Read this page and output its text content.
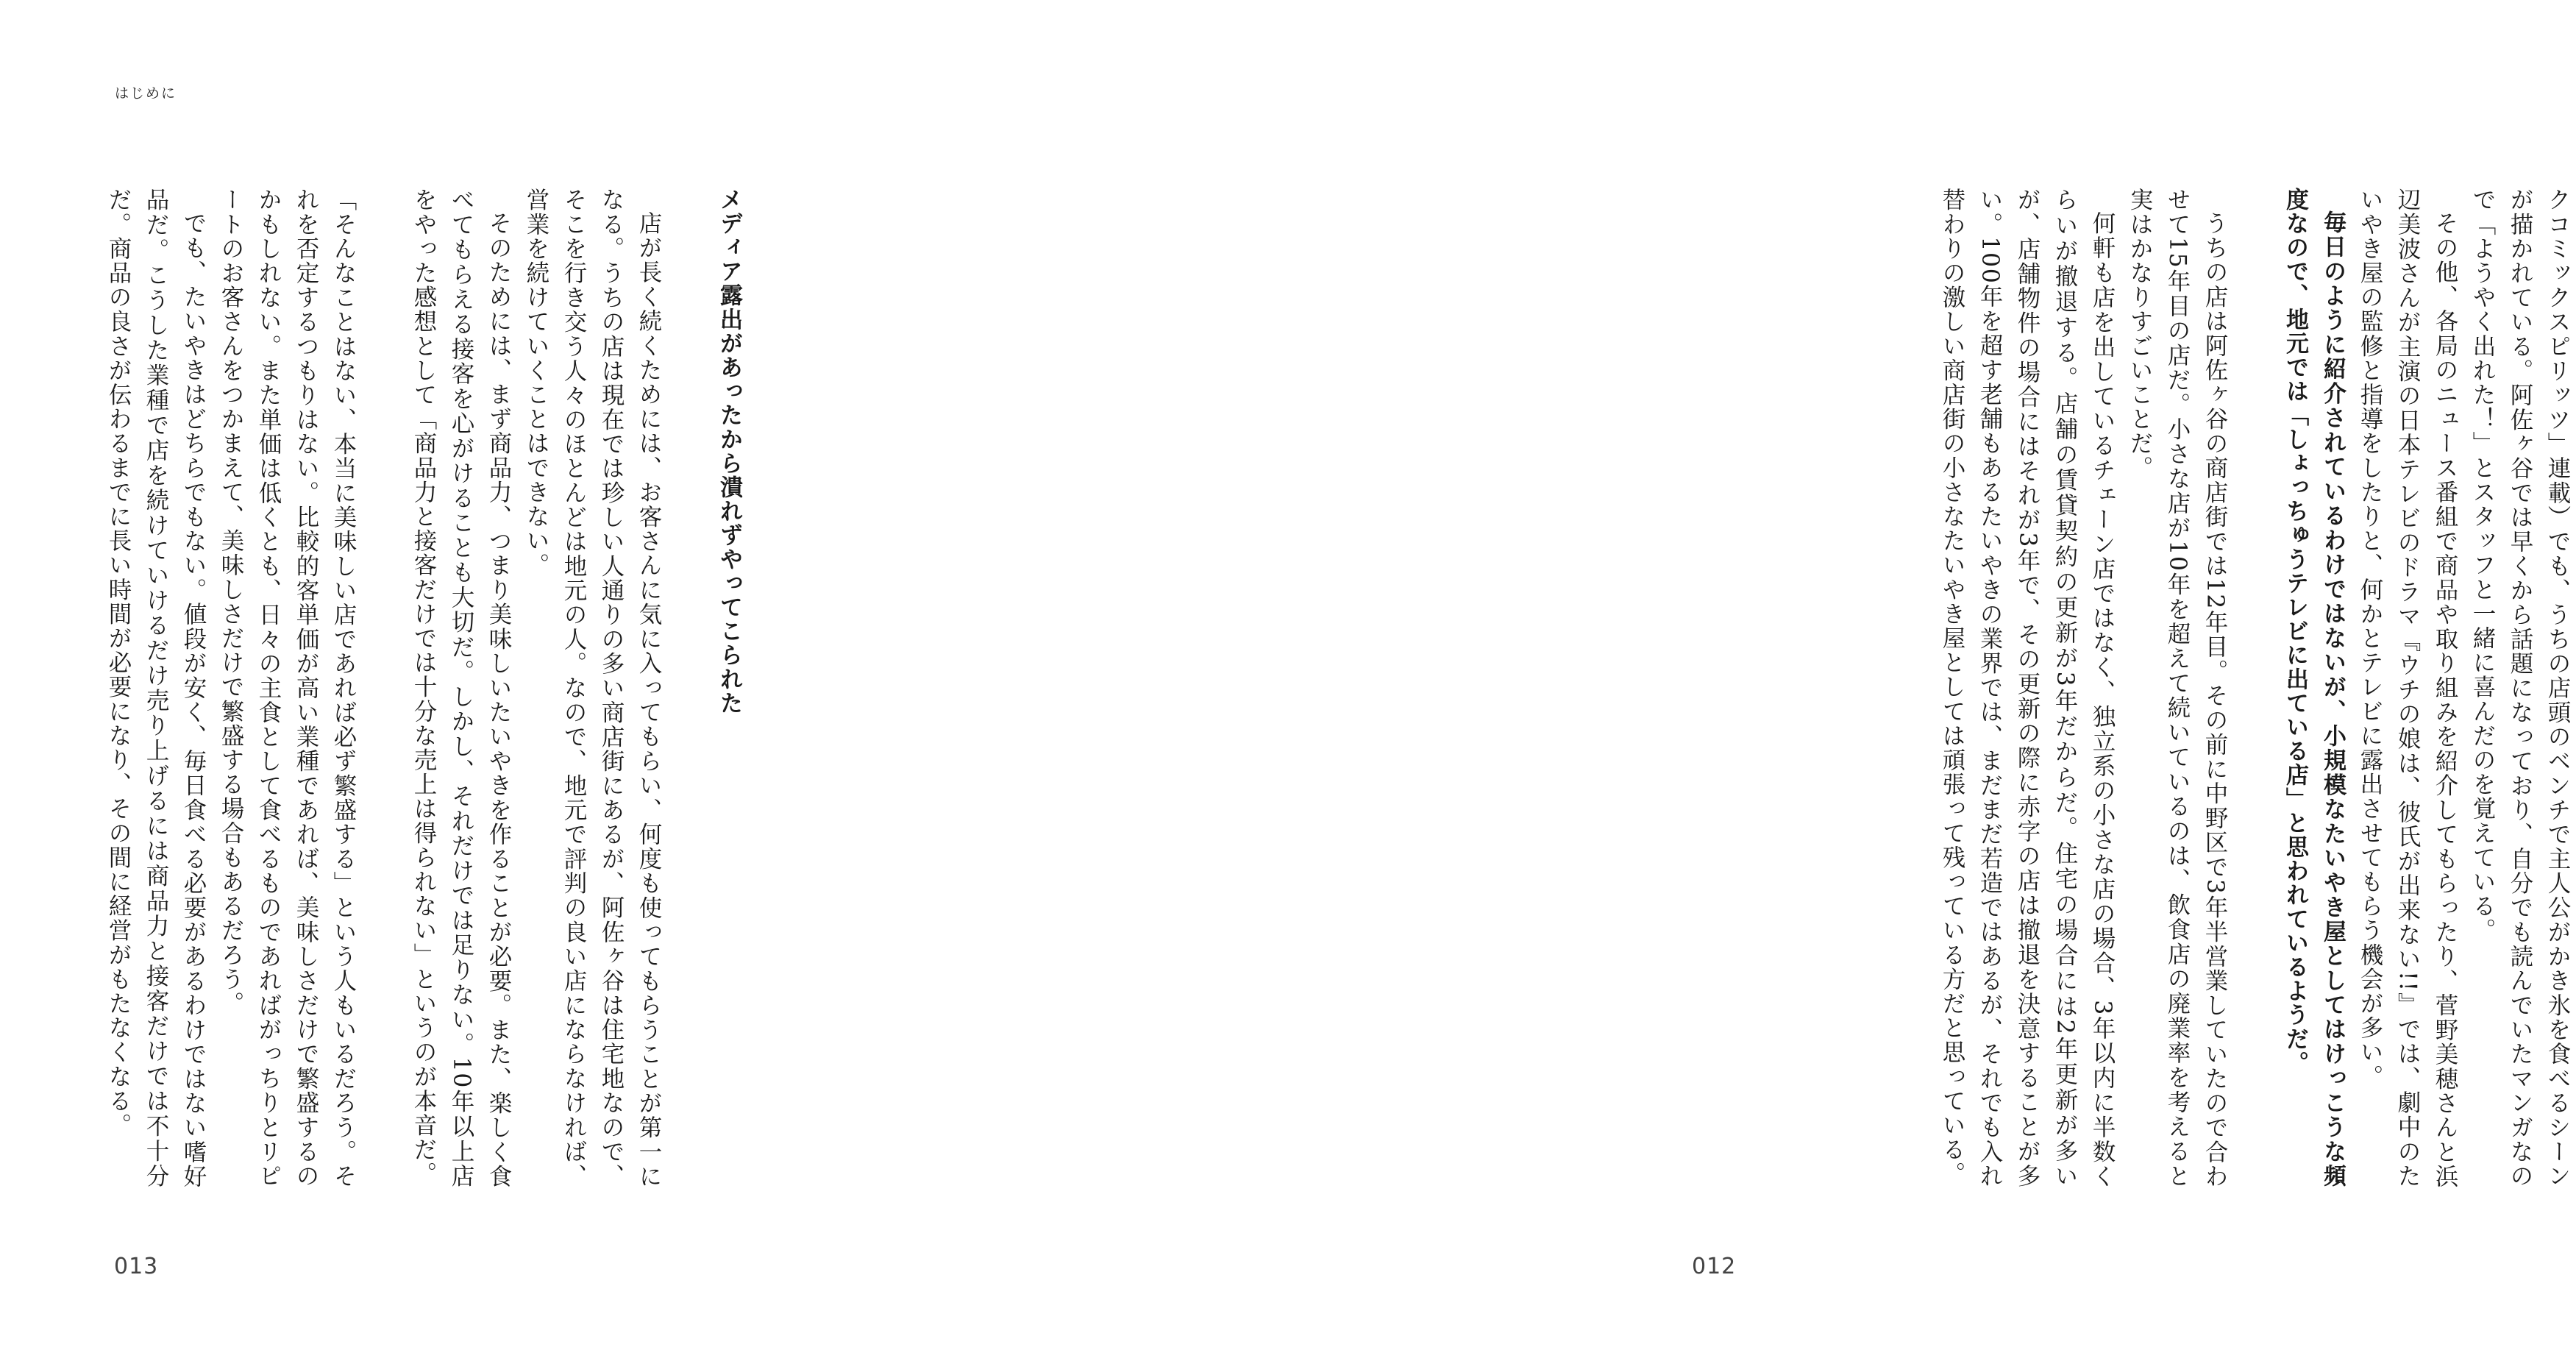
はじめに

メディア露出があったから潰れずやってこられた

店が長く続くためには、お客さんに気に入ってもらい、何度も使ってもらうことが第一になる。うちの店は現在では珍しい人通りの多い商店街にあるが、阿佐ヶ谷は住宅地なので、そこを行き交う人々のほとんどは地元の人。なので、地元で評判の良い店にならなければ、営業を続けていくことはできない。

そのためには、まず商品力、つまり美味しいたいやきを作ることが必要。また、楽しく食べてもらえる接客を心がけることも大切だ。しかし、それだけでは足りない。10年以上店をやった感想として「商品力と接客だけでは十分な売上は得られない」というのが本音だ。

「そんなことはない、本当に美味しい店であれば必ず繁盛する」という人もいるだろう。それを否定するつもりはない。比較的客単価が高い業種であれば、美味しさだけで繁盛するのかもしれない。また単価は低くとも、日々の主食として食べるものであればがっちりとリピートのお客さんをつかまえて、美味しさだけで繁盛する場合もあるだろう。

でも、たいやきはどちらでもない。値段が安く、毎日食べる必要があるわけではない嗜好品だ。こうした業種で店を続けていけるだけ売り上げるには商品力と接客だけでは不十分だ。商品の良さが伝わるまでに長い時間が必要になり、その間に経営がもたなくなる。

013

クコミックスピリッツ」連載）でも、うちの店頭のベンチで主人公がかき氷を食べるシーンが描かれている。阿佐ヶ谷では早くから話題になっており、自分でも読んでいたマンガなので「ようやく出れた！」とスタッフと一緒に喜んだのを覚えている。

その他、各局のニュース番組で商品や取り組みを紹介してもらったり、菅野美穂さんと浜辺美波さんが主演の日本テレビのドラマ『ウチの娘は、彼氏が出来ない!!』では、劇中のたいやき屋の監修と指導をしたりと、何かとテレビに露出させてもらう機会が多い。

毎日のように紹介されているわけではないが、小規模なたいやき屋としてはけっこうな頻度なので、地元では「しょっちゅうテレビに出ている店」と思われているようだ。

うちの店は阿佐ヶ谷の商店街では12年目。その前に中野区で3年半営業していたので合わせて15年目の店だ。小さな店が10年を超えて続いているのは、飲食店の廃業率を考えると実はかなりすごいことだ。

何軒も店を出しているチェーン店ではなく、独立系の小さな店の場合、3年以内に半数くらいが撤退する。店舗の賃貸契約の更新が3年だからだ。住宅の場合には2年更新が多いが、店舗物件の場合にはそれが3年で、その更新の際に赤字の店は撤退を決意することが多い。100年を超す老舗もあるたいやきの業界では、まだまだ若造ではあるが、それでも入れ替わりの激しい商店街の小さなたいやき屋としては頑張って残っている方だと思っている。

012
